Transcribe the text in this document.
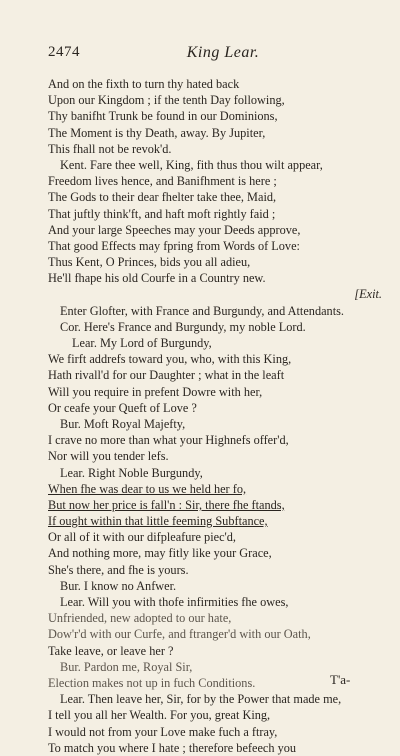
2474	King Lear.
And on the fixth to turn thy hated back
Upon our Kingdom ; if the tenth Day following,
Thy banifht Trunk be found in our Dominions,
The Moment is thy Death, away. By Jupiter,
This fhall not be revok'd.
Kent. Fare thee well, King, fith thus thou wilt appear,
Freedom lives hence, and Banifhment is here ;
The Gods to their dear fhelter take thee, Maid,
That juftly think'ft, and haft moft rightly faid ;
And your large Speeches may your Deeds approve,
That good Effects may fpring from Words of Love:
Thus Kent, O Princes, bids you all adieu,
He'll fhape his old Courfe in a Country new.
[Exit.
Enter Glofter, with France and Burgundy, and Attendants.
Cor. Here's France and Burgundy, my noble Lord.
Lear. My Lord of Burgundy,
We firft addrefs toward you, who, with this King,
Hath rivall'd for our Daughter ; what in the leaft
Will you require in prefent Dowre with her,
Or ceafe your Queft of Love ?
Bur. Moft Royal Majefty,
I crave no more than what your Highnefs offer'd,
Nor will you tender lefs.
Lear. Right Noble Burgundy,
When fhe was dear to us we held her fo,
But now her price is fall'n : Sir, there fhe ftands,
If ought within that little feeming Subftance,
Or all of it with our difpleafure piec'd,
And nothing more, may fitly like your Grace,
She's there, and fhe is yours.
Bur. I know no Anfwer.
Lear. Will you with thofe infirmities fhe owes,
Unfriended, new adopted to our hate,
Dow'r'd with our Curfe, and ftranger'd with our Oath,
Take leave, or leave her ?
Bur. Pardon me, Royal Sir,
Election makes not up in fuch Conditions.
Lear. Then leave her, Sir, for by the Power that made me,
I tell you all her Wealth. For you, great King,
I would not from your Love make fuch a ftray,
To match you where I hate ; therefore befeech you
T'a-
